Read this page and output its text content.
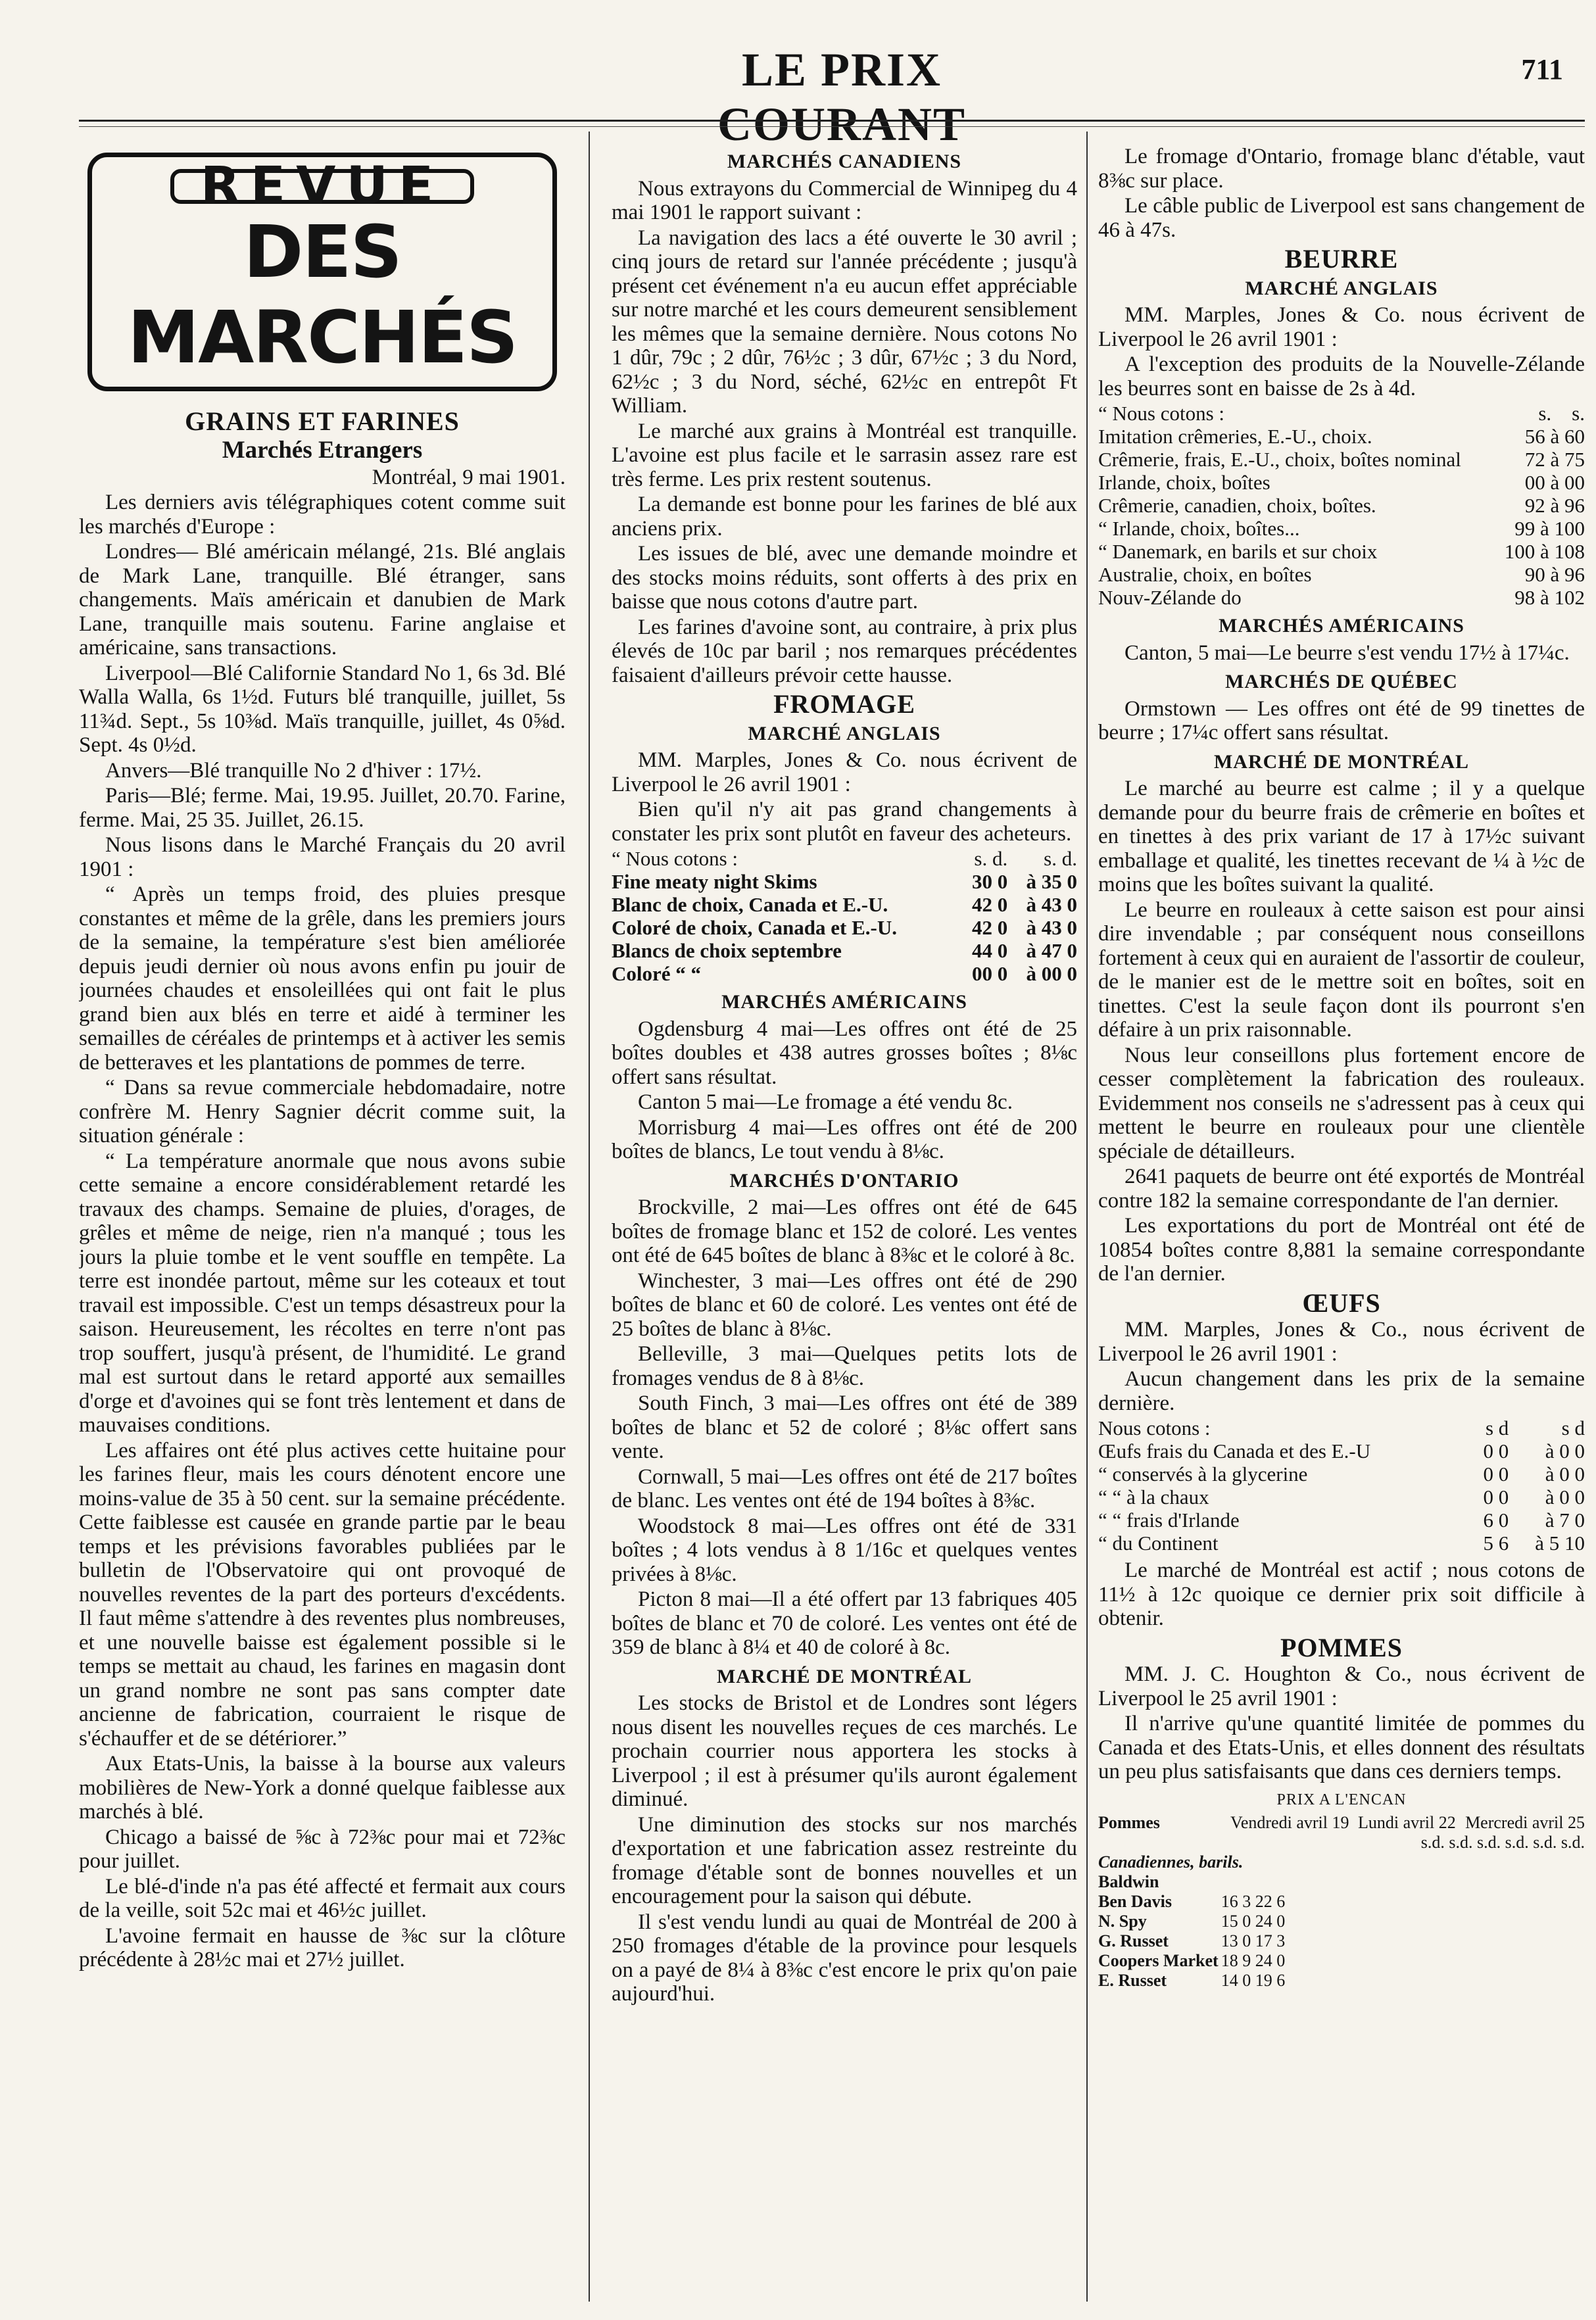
LE PRIX COURANT
711
REVUE
DES MARCHÉS
GRAINS ET FARINES
Marchés Etrangers

Montréal, 9 mai 1901.

Les derniers avis télégraphiques cotent comme suit les marchés d'Europe :

Londres— Blé américain mélangé, 21s. Blé anglais de Mark Lane, tranquille. Blé étranger, sans changements. Maïs américain et danubien de Mark Lane, tranquille mais soutenu. Farine anglaise et américaine, sans transactions.

Liverpool—Blé Californie Standard No 1, 6s 3d. Blé Walla Walla, 6s 1½d. Futurs blé tranquille, juillet, 5s 11¾d. Sept., 5s 10⅜d. Maïs tranquille, juillet, 4s 0⅝d. Sept. 4s 0½d.

Anvers—Blé tranquille No 2 d'hiver : 17½.

Paris—Blé; ferme. Mai, 19.95. Juillet, 20.70. Farine, ferme. Mai, 25 35. Juillet, 26.15.

Nous lisons dans le Marché Français du 20 avril 1901 :

“ Après un temps froid, des pluies presque constantes et même de la grêle, dans les premiers jours de la semaine, la température s'est bien améliorée depuis jeudi dernier où nous avons enfin pu jouir de journées chaudes et ensoleillées qui ont fait le plus grand bien aux blés en terre et aidé à terminer les semailles de céréales de printemps et à activer les semis de betteraves et les plantations de pommes de terre.

“ Dans sa revue commerciale hebdomadaire, notre confrère M. Henry Sagnier décrit comme suit, la situation générale :

“ La température anormale que nous avons subie cette semaine a encore considérablement retardé les travaux des champs. Semaine de pluies, d'orages, de grêles et même de neige, rien n'a manqué ; tous les jours la pluie tombe et le vent souffle en tempête. La terre est inondée partout, même sur les coteaux et tout travail est impossible. C'est un temps désastreux pour la saison. Heureusement, les récoltes en terre n'ont pas trop souffert, jusqu'à présent, de l'humidité. Le grand mal est surtout dans le retard apporté aux semailles d'orge et d'avoines qui se font très lentement et dans de mauvaises conditions.

Les affaires ont été plus actives cette huitaine pour les farines fleur, mais les cours dénotent encore une moins-value de 35 à 50 cent. sur la semaine précédente. Cette faiblesse est causée en grande partie par le beau temps et les prévisions favorables publiées par le bulletin de l'Observatoire qui ont provoqué de nouvelles reventes de la part des porteurs d'excédents. Il faut même s'attendre à des reventes plus nombreuses, et une nouvelle baisse est également possible si le temps se mettait au chaud, les farines en magasin dont un grand nombre ne sont pas sans compter date ancienne de fabrication, courraient le risque de s'échauffer et de se détériorer.”

Aux Etats-Unis, la baisse à la bourse aux valeurs mobilières de New-York a donné quelque faiblesse aux marchés à blé.

Chicago a baissé de ⅝c à 72⅜c pour mai et 72⅜c pour juillet.

Le blé-d'inde n'a pas été affecté et fermait aux cours de la veille, soit 52c mai et 46½c juillet.

L'avoine fermait en hausse de ⅜c sur la clôture précédente à 28½c mai et 27½ juillet.

MARCHÉS CANADIENS

Nous extrayons du Commercial de Winnipeg du 4 mai 1901 le rapport suivant :

La navigation des lacs a été ouverte le 30 avril ; cinq jours de retard sur l'année précédente ; jusqu'à présent cet événement n'a eu aucun effet appréciable sur notre marché et les cours demeurent sensiblement les mêmes que la semaine dernière. Nous cotons No 1 dûr, 79c ; 2 dûr, 76½c ; 3 dûr, 67½c ; 3 du Nord, 62½c ; 3 du Nord, séché, 62½c en entrepôt Ft William.

Le marché aux grains à Montréal est tranquille. L'avoine est plus facile et le sarrasin assez rare est très ferme. Les prix restent soutenus.

La demande est bonne pour les farines de blé aux anciens prix.

Les issues de blé, avec une demande moindre et des stocks moins réduits, sont offerts à des prix en baisse que nous cotons d'autre part.

Les farines d'avoine sont, au contraire, à prix plus élevés de 10c par baril ; nos remarques précédentes faisaient d'ailleurs prévoir cette hausse.

FROMAGE
MARCHÉ ANGLAIS

MM. Marples, Jones & Co. nous écrivent de Liverpool le 26 avril 1901 :

Bien qu'il n'y ait pas grand changements à constater les prix sont plutôt en faveur des acheteurs.

“ Nous cotons :	s. d.	s. d.
Fine meaty night Skims	30 0	à 35 0
Blanc de choix, Canada et E.-U.	42 0	à 43 0
Coloré de choix, Canada et E.-U.	42 0	à 43 0
Blancs de choix septembre	44 0	à 47 0
Coloré “ “	00 0	à 00 0
MARCHÉS AMÉRICAINS

Ogdensburg 4 mai—Les offres ont été de 25 boîtes doubles et 438 autres grosses boîtes ; 8⅛c offert sans résultat.

Canton 5 mai—Le fromage a été vendu 8c.

Morrisburg 4 mai—Les offres ont été de 200 boîtes de blancs, Le tout vendu à 8⅛c.

MARCHÉS D'ONTARIO

Brockville, 2 mai—Les offres ont été de 645 boîtes de fromage blanc et 152 de coloré. Les ventes ont été de 645 boîtes de blanc à 8⅜c et le coloré à 8c.

Winchester, 3 mai—Les offres ont été de 290 boîtes de blanc et 60 de coloré. Les ventes ont été de 25 boîtes de blanc à 8⅛c.

Belleville, 3 mai—Quelques petits lots de fromages vendus de 8 à 8⅛c.

South Finch, 3 mai—Les offres ont été de 389 boîtes de blanc et 52 de coloré ; 8⅛c offert sans vente.

Cornwall, 5 mai—Les offres ont été de 217 boîtes de blanc. Les ventes ont été de 194 boîtes à 8⅜c.

Woodstock 8 mai—Les offres ont été de 331 boîtes ; 4 lots vendus à 8 1/16c et quelques ventes privées à 8⅛c.

Picton 8 mai—Il a été offert par 13 fabriques 405 boîtes de blanc et 70 de coloré. Les ventes ont été de 359 de blanc à 8¼ et 40 de coloré à 8c.

MARCHÉ DE MONTRÉAL

Les stocks de Bristol et de Londres sont légers nous disent les nouvelles reçues de ces marchés. Le prochain courrier nous apportera les stocks à Liverpool ; il est à présumer qu'ils auront également diminué.

Une diminution des stocks sur nos marchés d'exportation et une fabrication assez restreinte du fromage d'étable sont de bonnes nouvelles et un encouragement pour la saison qui débute.

Il s'est vendu lundi au quai de Montréal de 200 à 250 fromages d'étable de la province pour lesquels on a payé de 8¼ à 8⅜c c'est encore le prix qu'on paie aujourd'hui.

Le fromage d'Ontario, fromage blanc d'étable, vaut 8⅜c sur place.

Le câble public de Liverpool est sans changement de 46 à 47s.

BEURRE
MARCHÉ ANGLAIS

MM. Marples, Jones & Co. nous écrivent de Liverpool le 26 avril 1901 :

A l'exception des produits de la Nouvelle-Zélande les beurres sont en baisse de 2s à 4d.

“ Nous cotons :	s. s.
Imitation crêmeries, E.-U., choix.	56 à 60
Crêmerie, frais, E.-U., choix, boîtes nominal	72 à 75
Irlande, choix, boîtes	00 à 00
Crêmerie, canadien, choix, boîtes.	92 à 96
“ Irlande, choix, boîtes...	99 à 100
“ Danemark, en barils et sur choix	100 à 108
Australie, choix, en boîtes	90 à 96
Nouv-Zélande do	98 à 102
MARCHÉS AMÉRICAINS

Canton, 5 mai—Le beurre s'est vendu 17½ à 17¼c.

MARCHÉS DE QUÉBEC

Ormstown — Les offres ont été de 99 tinettes de beurre ; 17¼c offert sans résultat.

MARCHÉ DE MONTRÉAL

Le marché au beurre est calme ; il y a quelque demande pour du beurre frais de crêmerie en boîtes et en tinettes à des prix variant de 17 à 17½c suivant emballage et qualité, les tinettes recevant de ¼ à ½c de moins que les boîtes suivant la qualité.

Le beurre en rouleaux à cette saison est pour ainsi dire invendable ; par conséquent nous conseillons fortement à ceux qui en auraient de l'assortir de couleur, de le manier est de le mettre soit en boîtes, soit en tinettes. C'est la seule façon dont ils pourront s'en défaire à un prix raisonnable.

Nous leur conseillons plus fortement encore de cesser complètement la fabrication des rouleaux. Evidemment nos conseils ne s'adressent pas à ceux qui mettent le beurre en rouleaux pour une clientèle spéciale de détailleurs.

2641 paquets de beurre ont été exportés de Montréal contre 182 la semaine correspondante de l'an dernier.

Les exportations du port de Montréal ont été de 10854 boîtes contre 8,881 la semaine correspondante de l'an dernier.

ŒUFS

MM. Marples, Jones & Co., nous écrivent de Liverpool le 26 avril 1901 :

Aucun changement dans les prix de la semaine dernière.

Nous cotons :	s d	s d
Œufs frais du Canada et des E.-U	0 0	à 0 0
“ conservés à la glycerine	0 0	à 0 0
“ “ à la chaux	0 0	à 0 0
“ “ frais d'Irlande	6 0	à 7 0
“ du Continent	5 6	à 5 10

Le marché de Montréal est actif ; nous cotons de 11½ à 12c quoique ce dernier prix soit difficile à obtenir.

POMMES

MM. J. C. Houghton & Co., nous écrivent de Liverpool le 25 avril 1901 :

Il n'arrive qu'une quantité limitée de pommes du Canada et des Etats-Unis, et elles donnent des résultats un peu plus satisfaisants que dans ces derniers temps.

PRIX A L'ENCAN
Pommes	Vendredi avril 19	Lundi avril 22	Mercredi avril 25
s.d. s.d. s.d. s.d. s.d. s.d.			
Canadiennes, barils.			
Baldwin			
Ben Davis	16 3 22 6		
N. Spy	15 0 24 0		
G. Russet	13 0 17 3		
Coopers Market	18 9 24 0		
E. Russet	14 0 19 6		
